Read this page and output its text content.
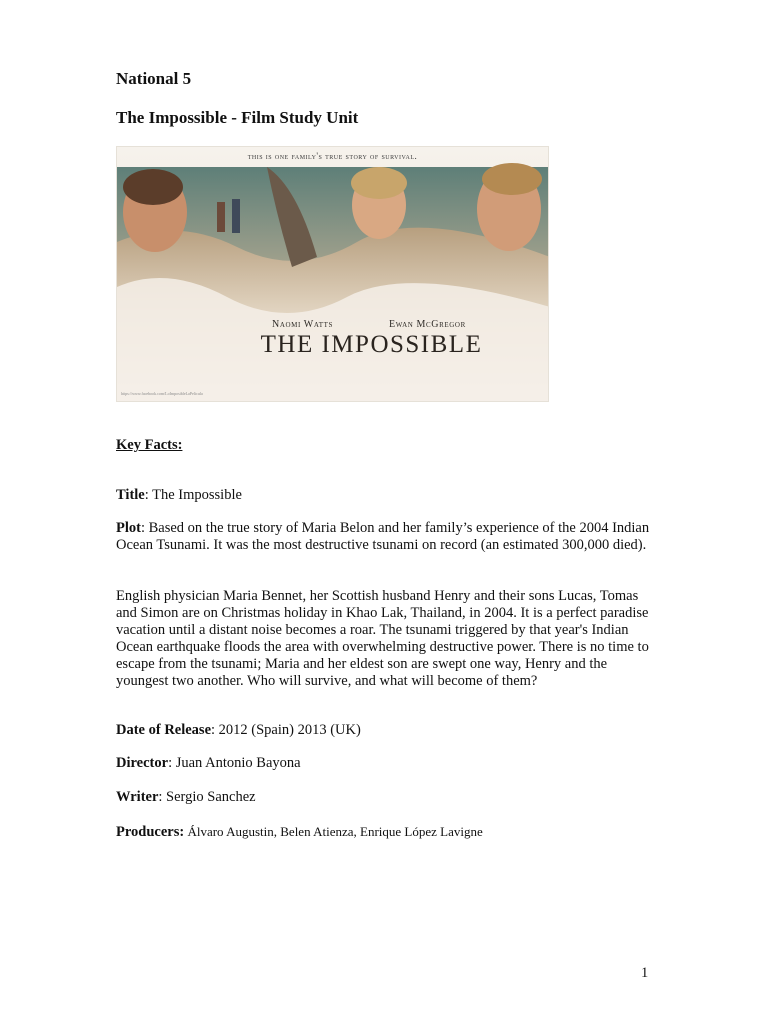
National 5
The Impossible - Film Study Unit
this is one family's true story of survival.
Naomi Watts	Ewan McGregor
THE IMPOSSIBLE
https://www.facebook.com/LoImposibleLaPelicula

Key Facts:

Title: The Impossible

Plot: Based on the true story of Maria Belon and her family’s experience of the 2004 Indian Ocean Tsunami. It was the most destructive tsunami on record (an estimated 300,000 died).

English physician Maria Bennet, her Scottish husband Henry and their sons Lucas, Tomas and Simon are on Christmas holiday in Khao Lak, Thailand, in 2004. It is a perfect paradise vacation until a distant noise becomes a roar. The tsunami triggered by that year's Indian Ocean earthquake floods the area with overwhelming destructive power. There is no time to escape from the tsunami; Maria and her eldest son are swept one way, Henry and the youngest two another. Who will survive, and what will become of them?

Date of Release: 2012 (Spain) 2013 (UK)

Director: Juan Antonio Bayona

Writer: Sergio Sanchez

Producers: Álvaro Augustin, Belen Atienza, Enrique López Lavigne

1
